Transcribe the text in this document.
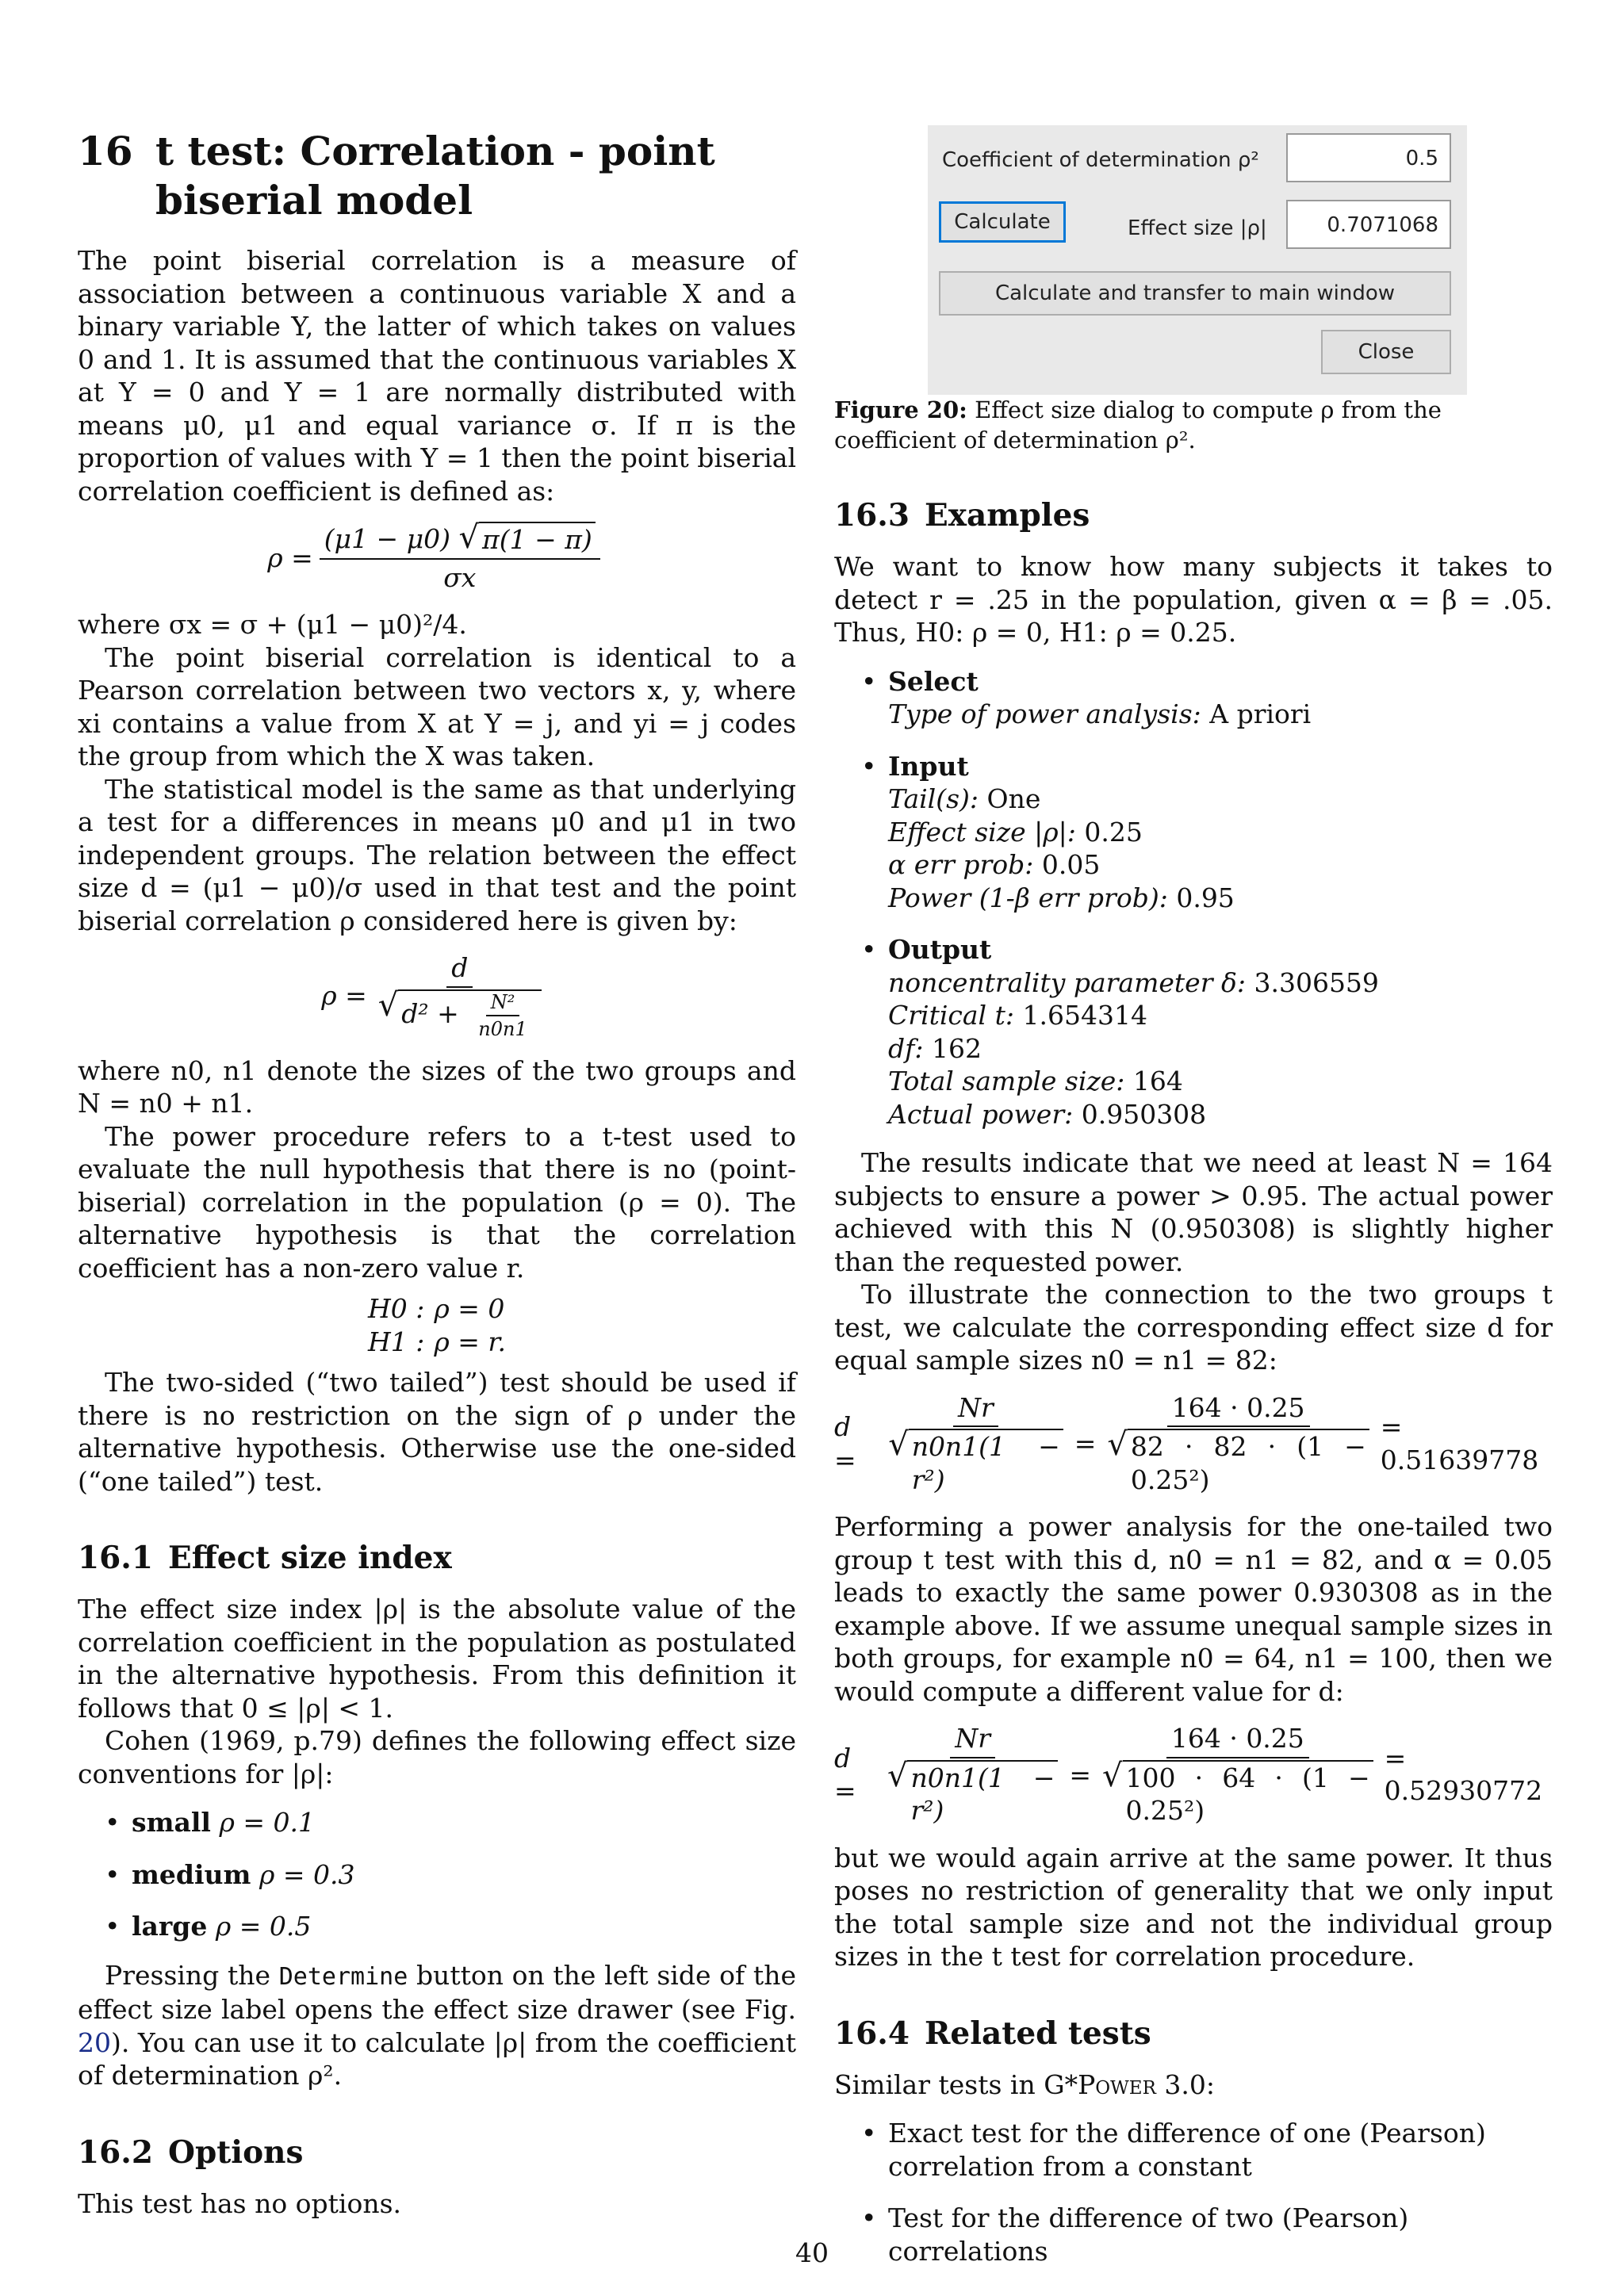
16 t test: Correlation - point biserial model

The point biserial correlation is a measure of association between a continuous variable X and a binary variable Y, the latter of which takes on values 0 and 1. It is assumed that the continuous variables X at Y = 0 and Y = 1 are normally distributed with means μ0, μ1 and equal variance σ. If π is the proportion of values with Y = 1 then the point biserial correlation coefficient is defined as:

$\rho = \frac{(\mu 1 - \mu 0) √ \pi(1 - \pi)}{\sigma x}$

where σx = σ + (μ1 − μ0)²/4.

The point biserial correlation is identical to a Pearson correlation between two vectors x, y, where xi contains a value from X at Y = j, and yi = j codes the group from which the X was taken.

The statistical model is the same as that underlying a test for a differences in means μ0 and μ1 in two independent groups. The relation between the effect size d = (μ1 − μ0)/σ used in that test and the point biserial correlation ρ considered here is given by:

$\rho = \frac{d}{√ d^2 + \frac{\text{N²}}{n0n1}}$

where n0, n1 denote the sizes of the two groups and N = n0 + n1.

The power procedure refers to a t-test used to evaluate the null hypothesis that there is no (point-biserial) correlation in the population (ρ = 0). The alternative hypothesis is that the correlation coefficient has a non-zero value r.

H0 :	ρ = 0
H1 :	ρ = r.

The two-sided (“two tailed”) test should be used if there is no restriction on the sign of ρ under the alternative hypothesis. Otherwise use the one-sided (“one tailed”) test.

16.1 Effect size index

The effect size index |ρ| is the absolute value of the correlation coefficient in the population as postulated in the alternative hypothesis. From this definition it follows that 0 ≤ |ρ| < 1.

Cohen (1969, p.79) defines the following effect size conventions for |ρ|:

• small ρ = 0.1
• medium ρ = 0.3
• large ρ = 0.5

Pressing the Determine button on the left side of the effect size label opens the effect size drawer (see Fig. 20). You can use it to calculate |ρ| from the coefficient of determination ρ².

16.2 Options

This test has no options.

Coefficient of determination ρ²	0.5
Calculate	Effect size |ρ|	0.7071068
Calculate and transfer to main window
Close

Figure 20: Effect size dialog to compute ρ from the coefficient of determination ρ².

16.3 Examples

We want to know how many subjects it takes to detect r = .25 in the population, given α = β = .05. Thus, H0: ρ = 0, H1: ρ = 0.25.

• Select
Type of power analysis: A priori
• Input
Tail(s): One
Effect size |ρ|: 0.25
α err prob: 0.05
Power (1-β err prob): 0.95
• Output
noncentrality parameter δ: 3.306559
Critical t: 1.654314
df: 162
Total sample size: 164
Actual power: 0.950308

The results indicate that we need at least N = 164 subjects to ensure a power > 0.95. The actual power achieved with this N (0.950308) is slightly higher than the requested power.

To illustrate the connection to the two groups t test, we calculate the corresponding effect size d for equal sample sizes n0 = n1 = 82:

d =	$\frac{Nr}{\text{√ n0n1(1 − r²)}} = \frac{164 \cdot 0.25}{\text{√ 82 · 82 · (1 − 0.25²)}} = 0.51639778$

Performing a power analysis for the one-tailed two group t test with this d, n0 = n1 = 82, and α = 0.05 leads to exactly the same power 0.930308 as in the example above. If we assume unequal sample sizes in both groups, for example n0 = 64, n1 = 100, then we would compute a different value for d:

d =	$\frac{Nr}{\text{√ n0n1(1 − r²)}} = \frac{164 \cdot 0.25}{\text{√ 100 · 64 · (1 − 0.25²)}} = 0.52930772$

but we would again arrive at the same power. It thus poses no restriction of generality that we only input the total sample size and not the individual group sizes in the t test for correlation procedure.

16.4 Related tests

Similar tests in G*Power 3.0:

• Exact test for the difference of one (Pearson) correlation from a constant
• Test for the difference of two (Pearson) correlations
40
